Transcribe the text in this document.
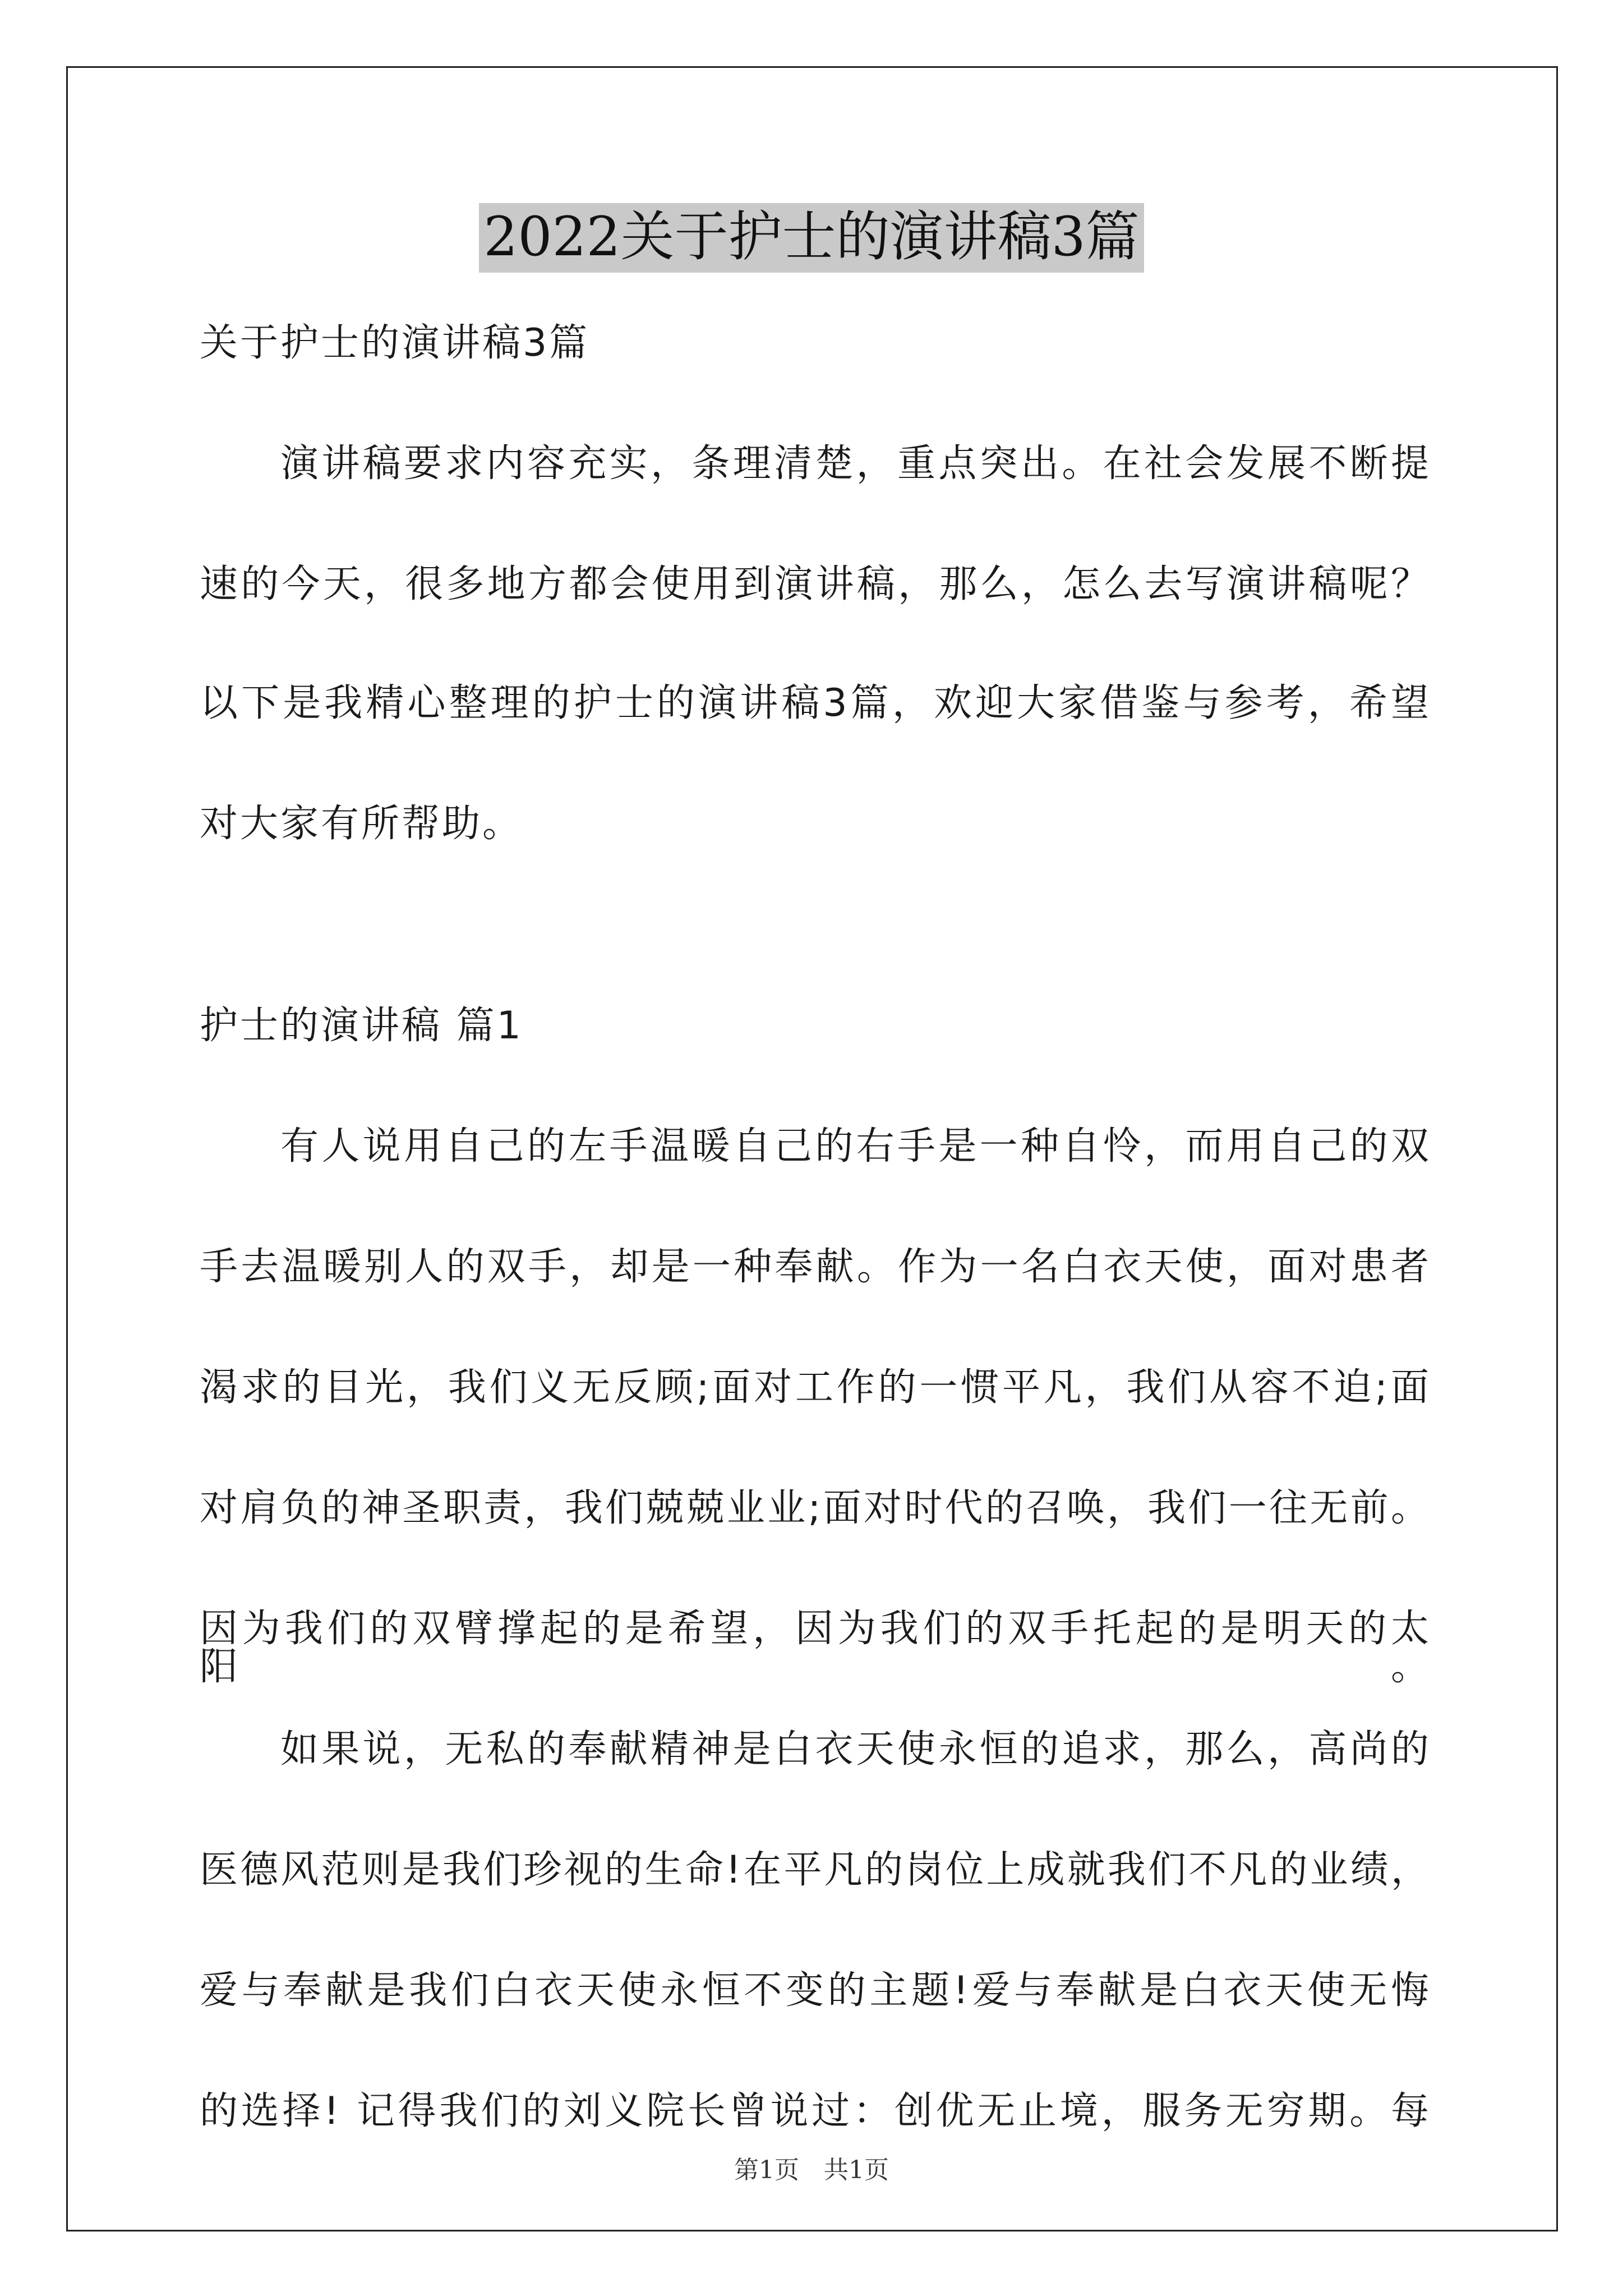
2022关于护士的演讲稿3篇

关于护士的演讲稿3篇

演讲稿要求内容充实，条理清楚，重点突出。在社会发展不断提

速的今天，很多地方都会使用到演讲稿，那么，怎么去写演讲稿呢？

以下是我精心整理的护士的演讲稿3篇，欢迎大家借鉴与参考，希望

对大家有所帮助。

护士的演讲稿 篇1

有人说用自己的左手温暖自己的右手是一种自怜，而用自己的双

手去温暖别人的双手，却是一种奉献。作为一名白衣天使，面对患者

渴求的目光，我们义无反顾;面对工作的一惯平凡，我们从容不迫;面

对肩负的神圣职责，我们兢兢业业;面对时代的召唤，我们一往无前。

因为我们的双臂撑起的是希望，因为我们的双手托起的是明天的太阳。

如果说，无私的奉献精神是白衣天使永恒的追求，那么，高尚的

医德风范则是我们珍视的生命!在平凡的岗位上成就我们不凡的业绩，

爱与奉献是我们白衣天使永恒不变的主题!爱与奉献是白衣天使无悔

的选择! 记得我们的刘义院长曾说过：创优无止境，服务无穷期。每

第1页　共1页
